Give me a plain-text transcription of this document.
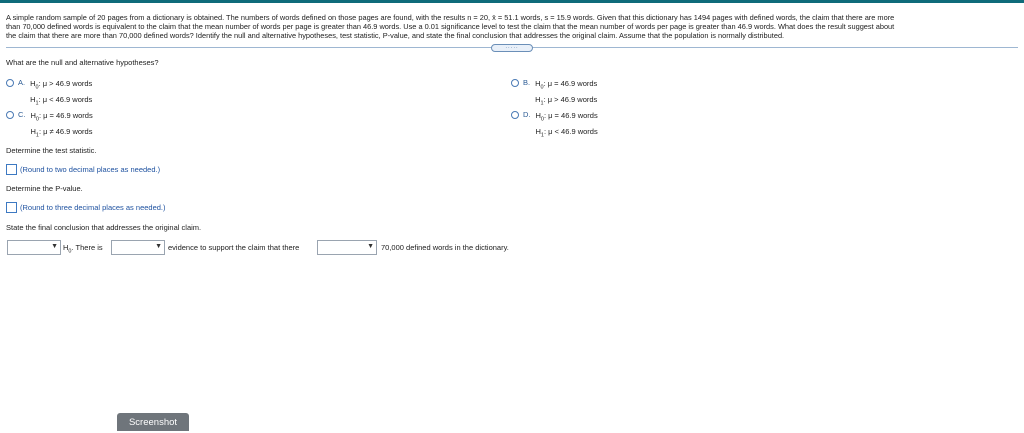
A simple random sample of 20 pages from a dictionary is obtained. The numbers of words defined on those pages are found, with the results n = 20, x̄ = 51.1 words, s = 15.9 words. Given that this dictionary has 1494 pages with defined words, the claim that there are more
than 70,000 defined words is equivalent to the claim that the mean number of words per page is greater than 46.9 words. Use a 0.01 significance level to test the claim that the mean number of words per page is greater than 46.9 words. What does the result suggest about
the claim that there are more than 70,000 defined words? Identify the null and alternative hypotheses, test statistic, P-value, and state the final conclusion that addresses the original claim. Assume that the population is normally distributed.
·····
What are the null and alternative hypotheses?
A. $H_0$: μ > 46.9 words
$H_1$: μ < 46.9 words
B. $H_0$: μ = 46.9 words
$H_1$: μ > 46.9 words
C. $H_0$: μ = 46.9 words
$H_1$: μ ≠ 46.9 words
D. $H_0$: μ = 46.9 words
$H_1$: μ < 46.9 words
Determine the test statistic.
(Round to two decimal places as needed.)
Determine the P-value.
(Round to three decimal places as needed.)
State the final conclusion that addresses the original claim.
▼ $H_0$. There is	▼ evidence to support the claim that there	▼ 70,000 defined words in the dictionary.
Screenshot
